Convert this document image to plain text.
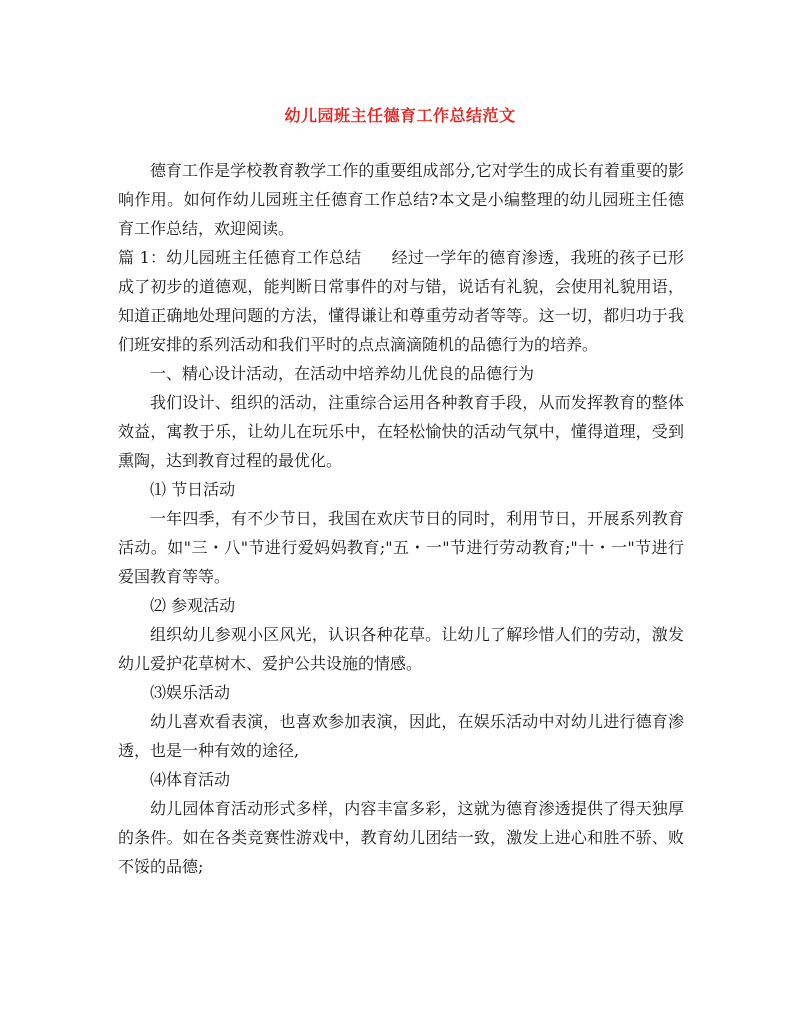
幼儿园班主任德育工作总结范文

德育工作是学校教育教学工作的重要组成部分,它对学生的成长有着重要的影响作用。如何作幼儿园班主任德育工作总结?本文是小编整理的幼儿园班主任德育工作总结，欢迎阅读。

篇 1：幼儿园班主任德育工作总结 经过一学年的德育渗透，我班的孩子已形成了初步的道德观，能判断日常事件的对与错，说话有礼貌，会使用礼貌用语，知道正确地处理问题的方法，懂得谦让和尊重劳动者等等。这一切，都归功于我们班安排的系列活动和我们平时的点点滴滴随机的品德行为的培养。

一、精心设计活动，在活动中培养幼儿优良的品德行为

我们设计、组织的活动，注重综合运用各种教育手段，从而发挥教育的整体效益，寓教于乐，让幼儿在玩乐中，在轻松愉快的活动气氛中，懂得道理，受到熏陶，达到教育过程的最优化。

⑴ 节日活动

一年四季，有不少节日，我国在欢庆节日的同时，利用节日，开展系列教育活动。如"三・八"节进行爱妈妈教育;"五・一"节进行劳动教育;"十・一"节进行爱国教育等等。

⑵ 参观活动

组织幼儿参观小区风光，认识各种花草。让幼儿了解珍惜人们的劳动，激发幼儿爱护花草树木、爱护公共设施的情感。

⑶娱乐活动

幼儿喜欢看表演，也喜欢参加表演，因此，在娱乐活动中对幼儿进行德育渗透，也是一种有效的途径,

⑷体育活动

幼儿园体育活动形式多样，内容丰富多彩，这就为德育渗透提供了得天独厚的条件。如在各类竞赛性游戏中，教育幼儿团结一致，激发上进心和胜不骄、败不馁的品德;
